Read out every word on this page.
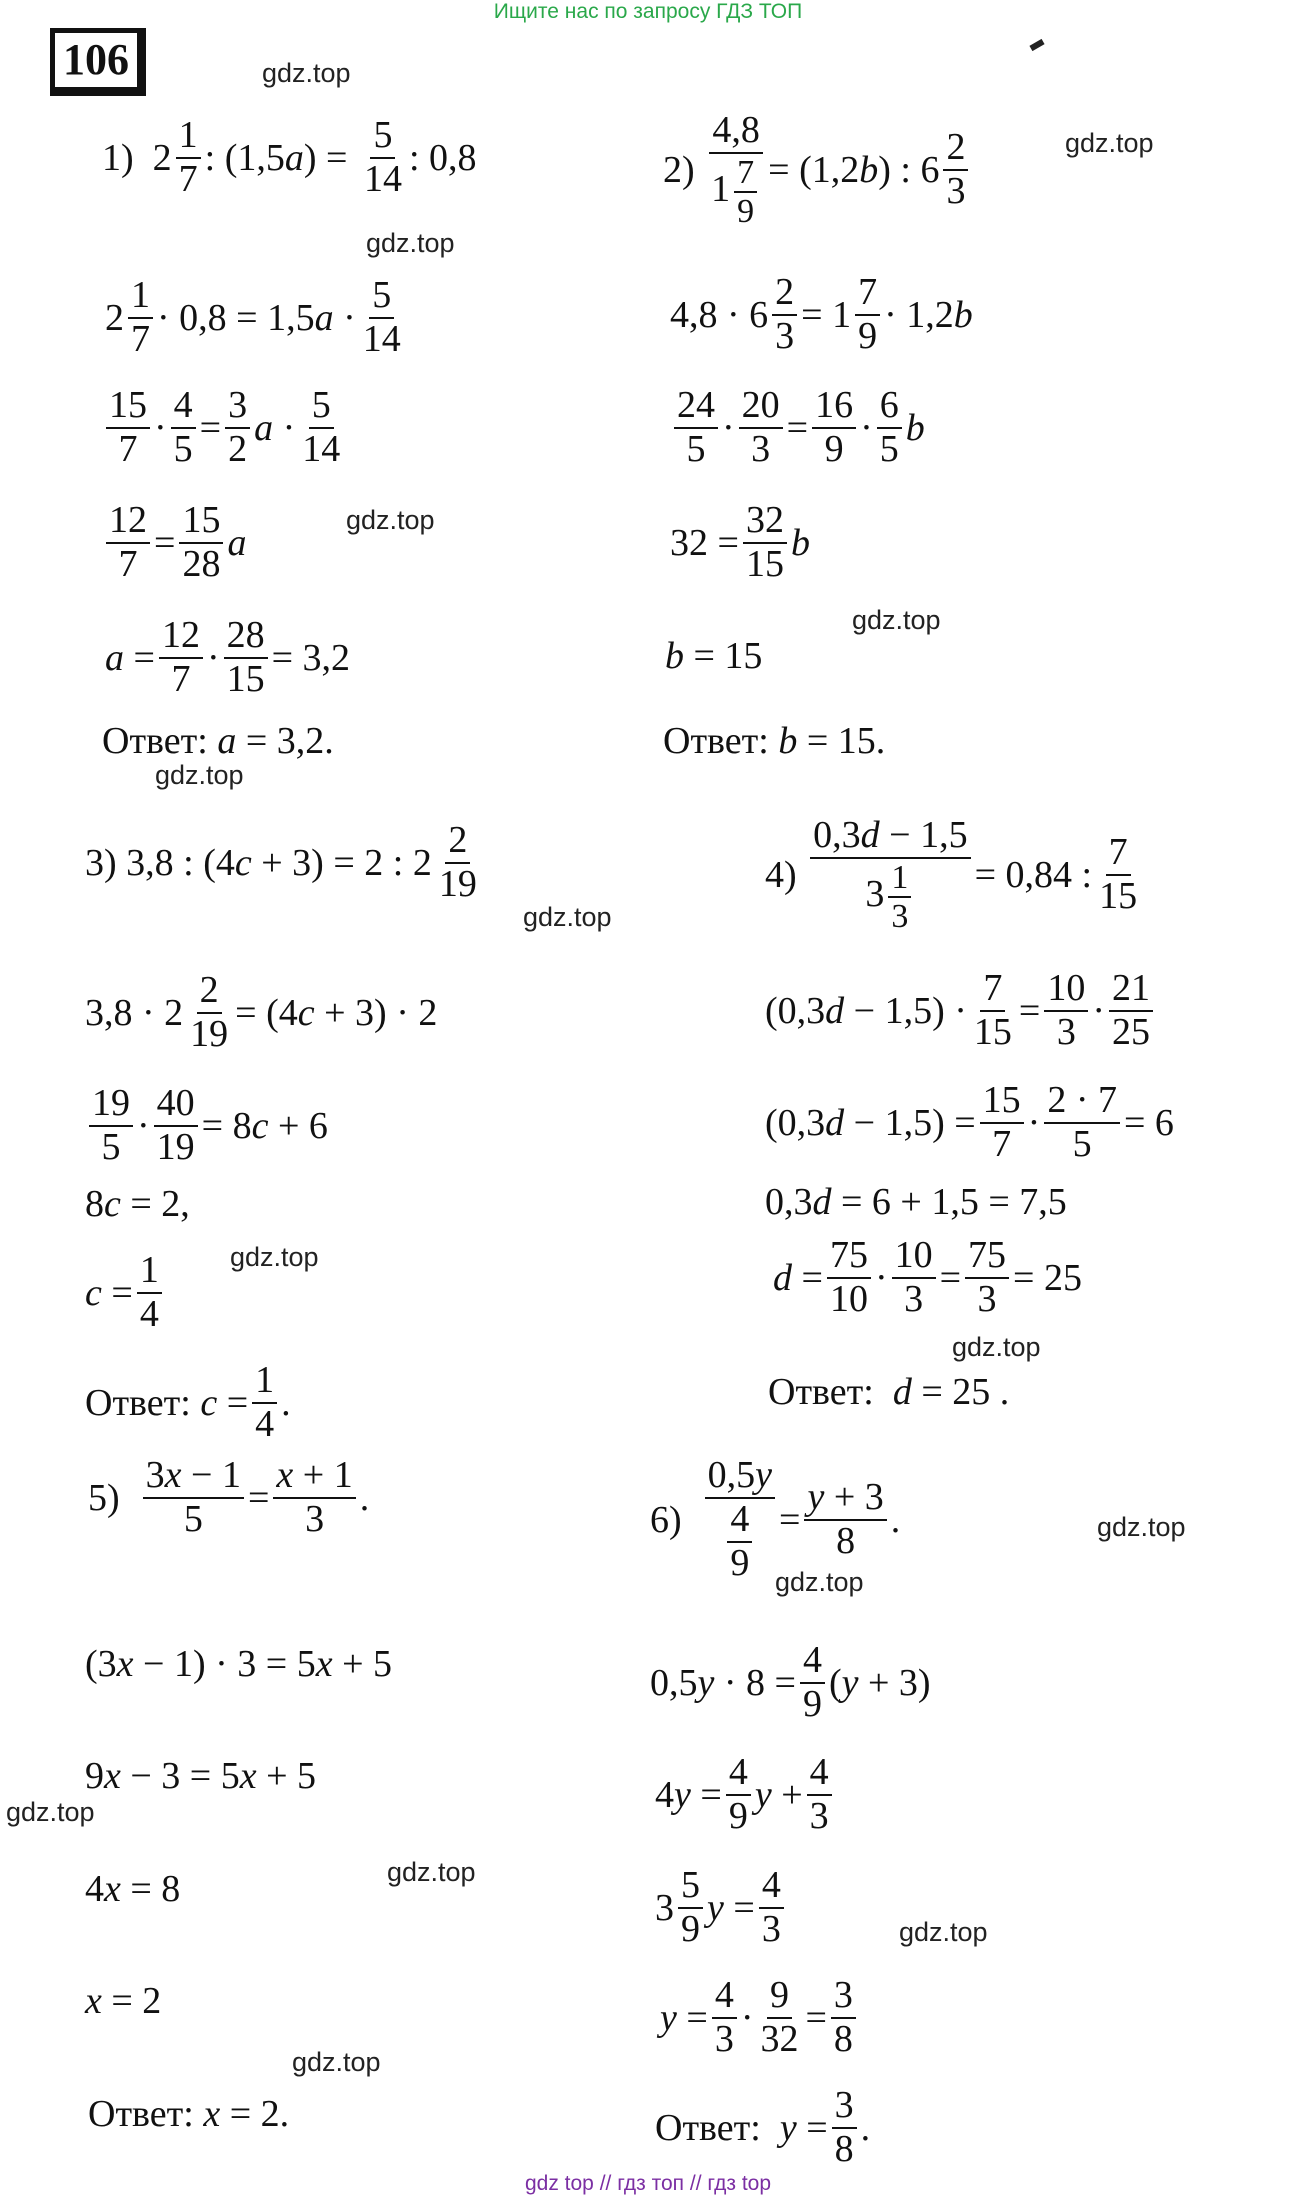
Ищите нас по запросу ГДЗ ТОП
106	gdz.top
gdz.top
gdz.top
gdz.top
gdz.top
gdz.top
gdz.top
gdz.top
gdz.top
gdz.top
gdz.top
gdz.top
gdz.top
gdz.top
gdz.top
1)  2
1
7 : $(1,5a) = \frac{5}{14}$ : 0,8
2
1
7 · 0,8 = 1,5a ·
5
14
15
$7 \cdot \frac{4}{5} = \frac{3}{2}$ a ·
5
14
$\frac{12}{7} = \frac{15}{28}$ a
$a = \frac{12}{7} \cdot \frac{28}{15} = 3,2$
Ответ: a = 3,2.
$2) \frac{4,8}{1 \frac{7}{9}} = (1,2b)$ : 6
2
3
$4,8 \cdot 6 \frac{2}{3} = 1$
7
9 · 1,2b
24
$5 \cdot \frac{20}{3} = \frac{16}{9}$ ·
6
5 b
$32 = \frac{32}{15}$ b
b = 15
Ответ: b = 15.
3) 3,8 : (4c + 3) = 2 : 2
2
19
$3,8 \cdot 2 \frac{2}{19} = (4c + 3) \cdot 2$
19
$5 \cdot \frac{40}{19} = 8c + 6$
8c = 2,
$c = \frac{1}{4}$
Ответ: $c = \frac{1}{4}$ .
$4) \frac{0,3d - 1,5}{3 \frac{1}{3}} = 0,84$ :
7
15
$(0,3d - 1,5) \cdot \frac{7}{15} = \frac{10}{3}$ ·
21
25
$(0,3d - 1,5) = \frac{15}{7} \cdot \frac{2 \cdot 7}{5} = 6$
0,3d = 6 + 1,5 = 7,5
$d = \frac{75}{10} \cdot \frac{10}{3} = \frac{75}{3} = 25$
Ответ: d = 25 .
$5) \frac{3x - 1}{5} = \frac{x + 1}{3}$ .
(3x − 1) · 3 = 5x + 5
9x − 3 = 5x + 5
4x = 8
x = 2
Ответ: x = 2.
6) 0,5y
4
$9 = \frac{y + 3}{8}$ .
$0,5y \cdot 8 = \frac{4}{9} (y + 3)$
$4y = \frac{4}{9}$ $y + \frac{4}{3}$
3
5
9 $y = \frac{4}{3}$
$y = \frac{4}{3} \cdot \frac{9}{32} = \frac{3}{8}$
Ответ: $y = \frac{3}{8}$ .
gdz top // гдз топ // гдз top
